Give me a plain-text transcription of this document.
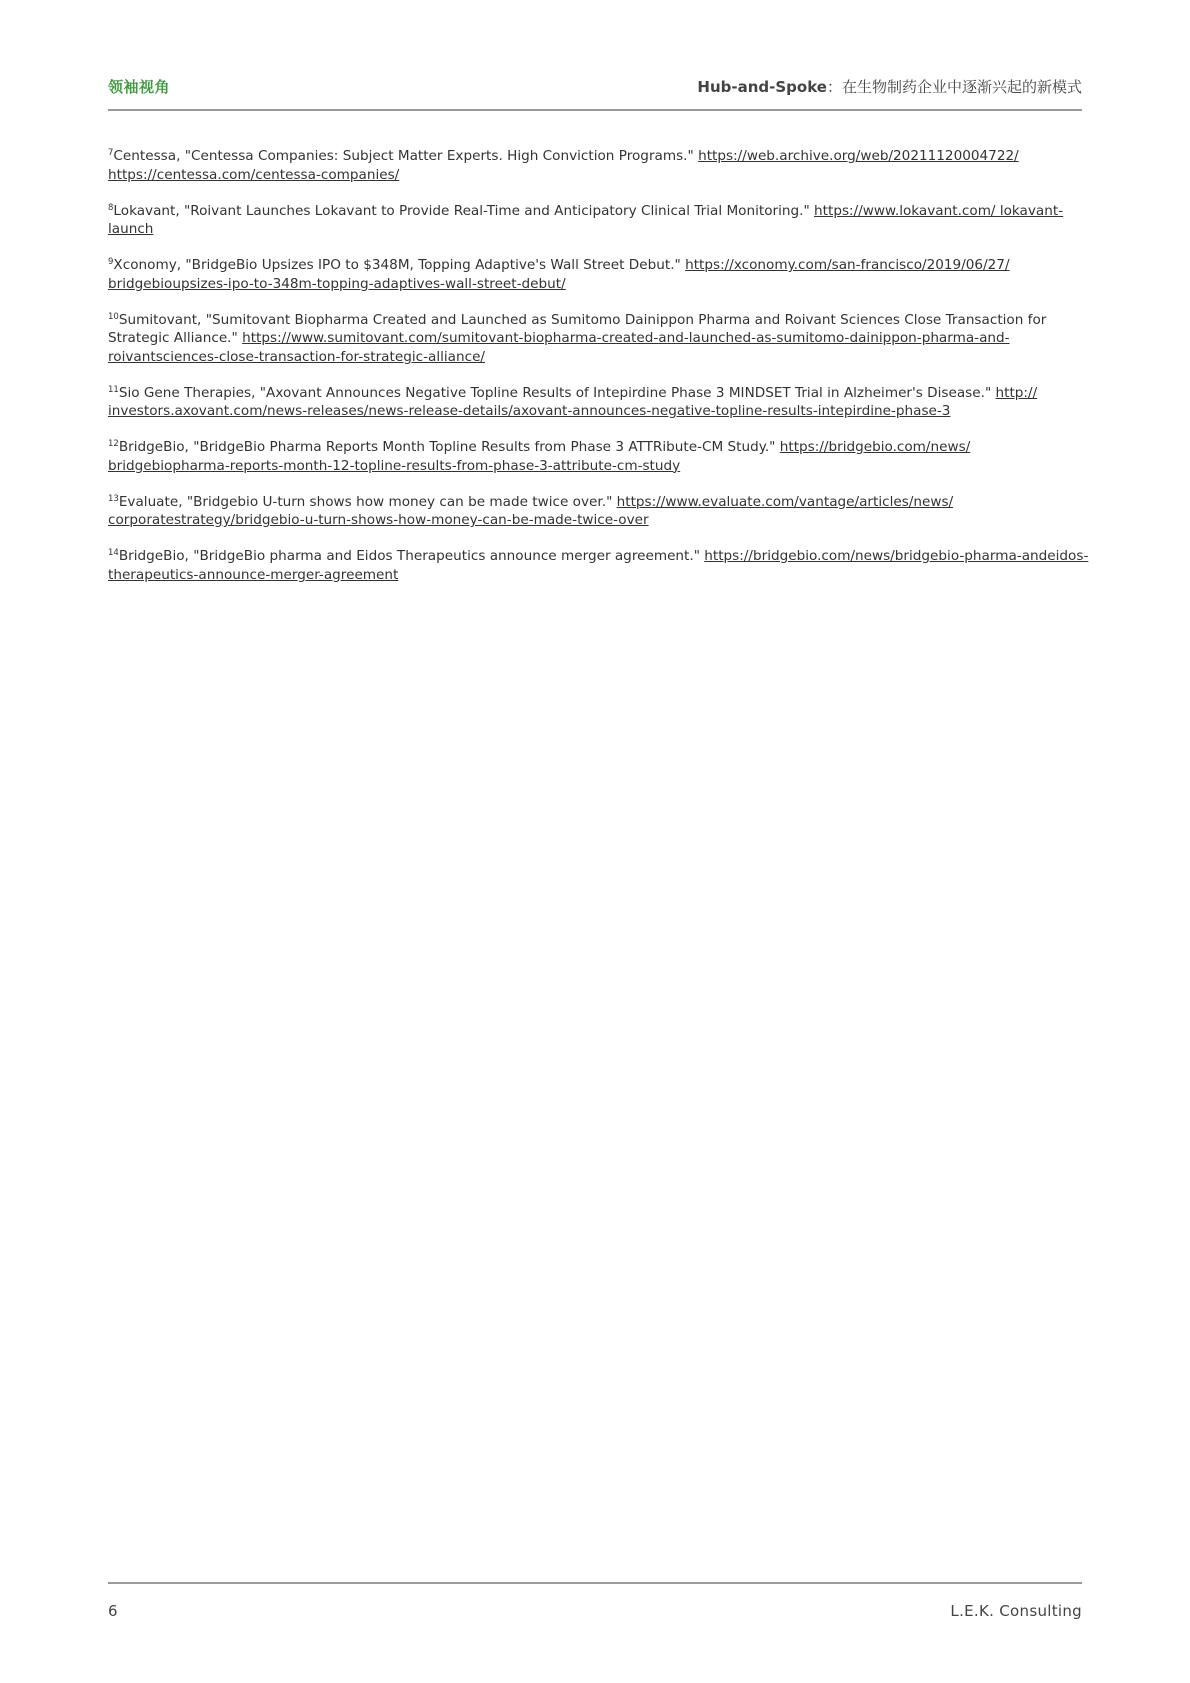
领袖视角	Hub-and-Spoke：在生物制药企业中逐渐兴起的新模式

$^7$Centessa, "Centessa Companies: Subject Matter Experts. High Conviction Programs." https://web.archive.org/web/20211120004722/ https://centessa.com/centessa-companies/

$^8$Lokavant, "Roivant Launches Lokavant to Provide Real-Time and Anticipatory Clinical Trial Monitoring." https://www.lokavant.com/ lokavant-launch

$^9$Xconomy, "BridgeBio Upsizes IPO to $348M, Topping Adaptive's Wall Street Debut." https://xconomy.com/san-francisco/2019/06/27/ bridgebioupsizes-ipo-to-348m-topping-adaptives-wall-street-debut/

$^{10}$Sumitovant, "Sumitovant Biopharma Created and Launched as Sumitomo Dainippon Pharma and Roivant Sciences Close Transaction for Strategic Alliance." https://www.sumitovant.com/sumitovant-biopharma-created-and-launched-as-sumitomo-dainippon-pharma-and-roivantsciences-close-transaction-for-strategic-alliance/

$^{11}$Sio Gene Therapies, "Axovant Announces Negative Topline Results of Intepirdine Phase 3 MINDSET Trial in Alzheimer's Disease." http:// investors.axovant.com/news-releases/news-release-details/axovant-announces-negative-topline-results-intepirdine-phase-3

$^{12}$BridgeBio, "BridgeBio Pharma Reports Month Topline Results from Phase 3 ATTRibute-CM Study." https://bridgebio.com/news/ bridgebiopharma-reports-month-12-topline-results-from-phase-3-attribute-cm-study

$^{13}$Evaluate, "Bridgebio U-turn shows how money can be made twice over." https://www.evaluate.com/vantage/articles/news/ corporatestrategy/bridgebio-u-turn-shows-how-money-can-be-made-twice-over

$^{14}$BridgeBio, "BridgeBio pharma and Eidos Therapeutics announce merger agreement." https://bridgebio.com/news/bridgebio-pharma-andeidos-therapeutics-announce-merger-agreement

6	L.E.K. Consulting
